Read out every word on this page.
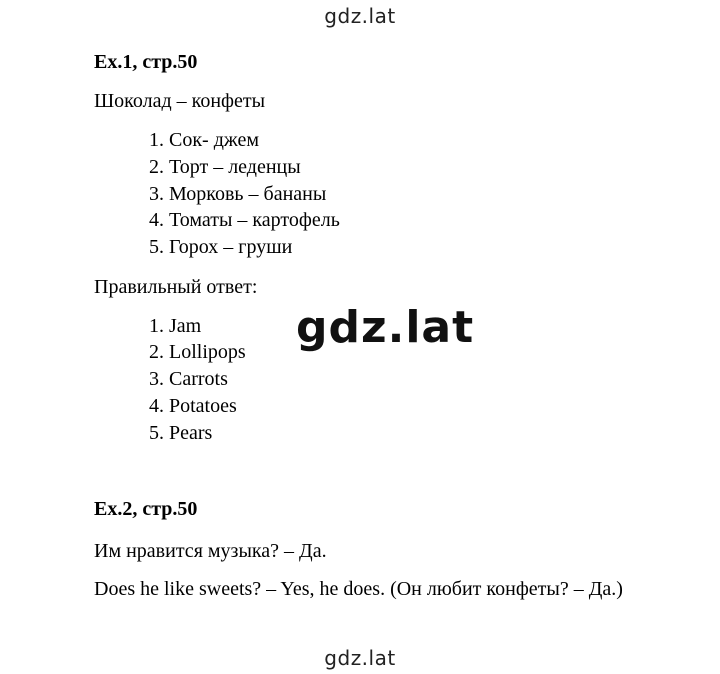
gdz.lat
Ex.1, стр.50
Шоколад – конфеты
1. Сок- джем
2. Торт – леденцы
3. Морковь – бананы
4. Томаты – картофель
5. Горох – груши
Правильный ответ:
1. Jam
2. Lollipops
3. Carrots
4. Potatoes
5. Pears
gdz.lat
Ex.2, стр.50
Им нравится музыка? – Да.
Does he like sweets? – Yes, he does. (Он любит конфеты? – Да.)
gdz.lat
